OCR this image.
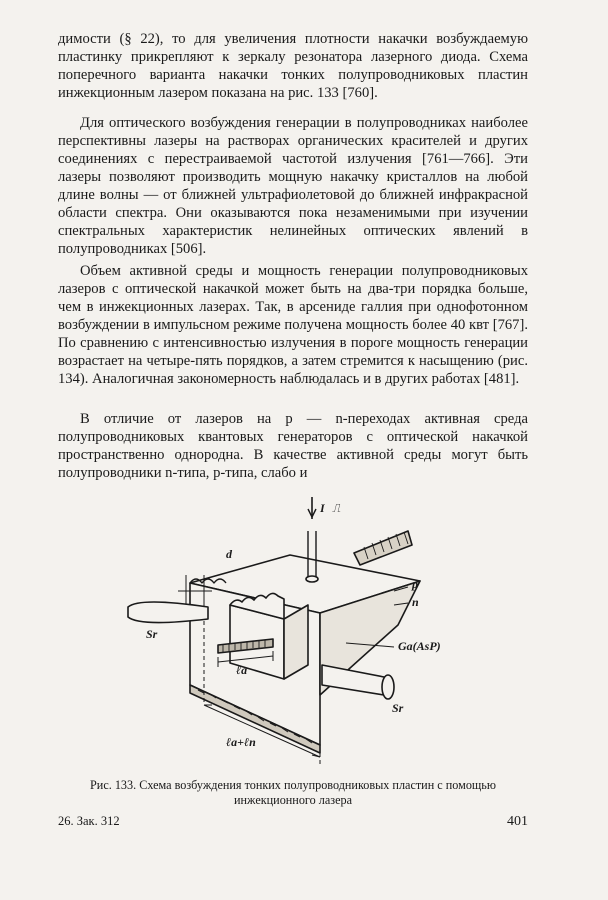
димости (§ 22), то для увеличения плотности накачки возбуждаемую пластинку прикрепляют к зеркалу резонатора лазерного диода. Схема поперечного варианта накачки тонких полупроводниковых пластин инжекционным лазером показана на рис. 133 [760].

Для оптического возбуждения генерации в полупроводниках наиболее перспективны лазеры на растворах органических красителей и других соединениях с перестраиваемой частотой излучения [761—766]. Эти лазеры позволяют производить мощную накачку кристаллов на любой длине волны — от ближней ультрафиолетовой до ближней инфракрасной области спектра. Они оказываются пока незаменимыми при изучении спектральных характеристик нелинейных оптических явлений в полупроводниках [506].

Объем активной среды и мощность генерации полупроводниковых лазеров с оптической накачкой может быть на два-три порядка больше, чем в инжекционных лазерах. Так, в арсениде галлия при однофотонном возбуждении в импульсном режиме получена мощность более 40 квт [767]. По сравнению с интенсивностью излучения в пороге мощность генерации возрастает на четыре-пять порядков, а затем стремится к насыщению (рис. 134). Аналогичная закономерность наблюдалась и в других работах [481].

В отличие от лазеров на p — n-переходах активная среда полупроводниковых квантовых генераторов с оптической накачкой пространственно однородна. В качестве активной среды могут быть полупроводники n-типа, p-типа, слабо и

I ⎍
d
p
n
Ga(AsP)
Sr
Sr
ℓa
ℓa+ℓn
Рис. 133. Схема возбуждения тонких полупроводниковых пластин с помощью инжекционного лазера
26. Зак. 312	401
